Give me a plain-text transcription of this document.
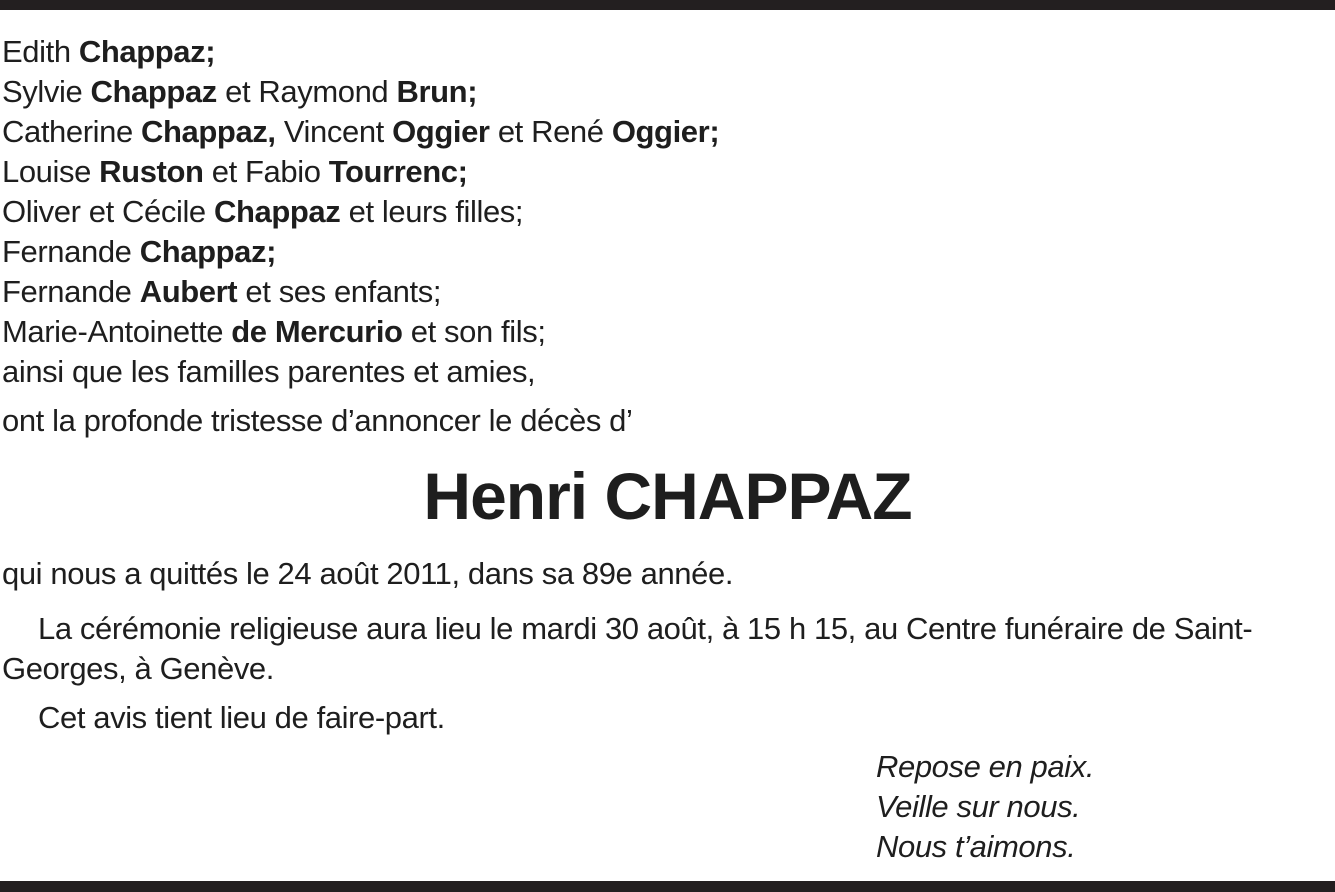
Edith Chappaz;
Sylvie Chappaz et Raymond Brun;
Catherine Chappaz, Vincent Oggier et René Oggier;
Louise Ruston et Fabio Tourrenc;
Oliver et Cécile Chappaz et leurs filles;
Fernande Chappaz;
Fernande Aubert et ses enfants;
Marie-Antoinette de Mercurio et son fils;
ainsi que les familles parentes et amies,
ont la profonde tristesse d’annoncer le décès d’
Henri CHAPPAZ
qui nous a quittés le 24 août 2011, dans sa 89e année.
La cérémonie religieuse aura lieu le mardi 30 août, à 15 h 15, au Centre funéraire de Saint-Georges, à Genève.
Cet avis tient lieu de faire-part.
Repose en paix.
Veille sur nous.
Nous t’aimons.
